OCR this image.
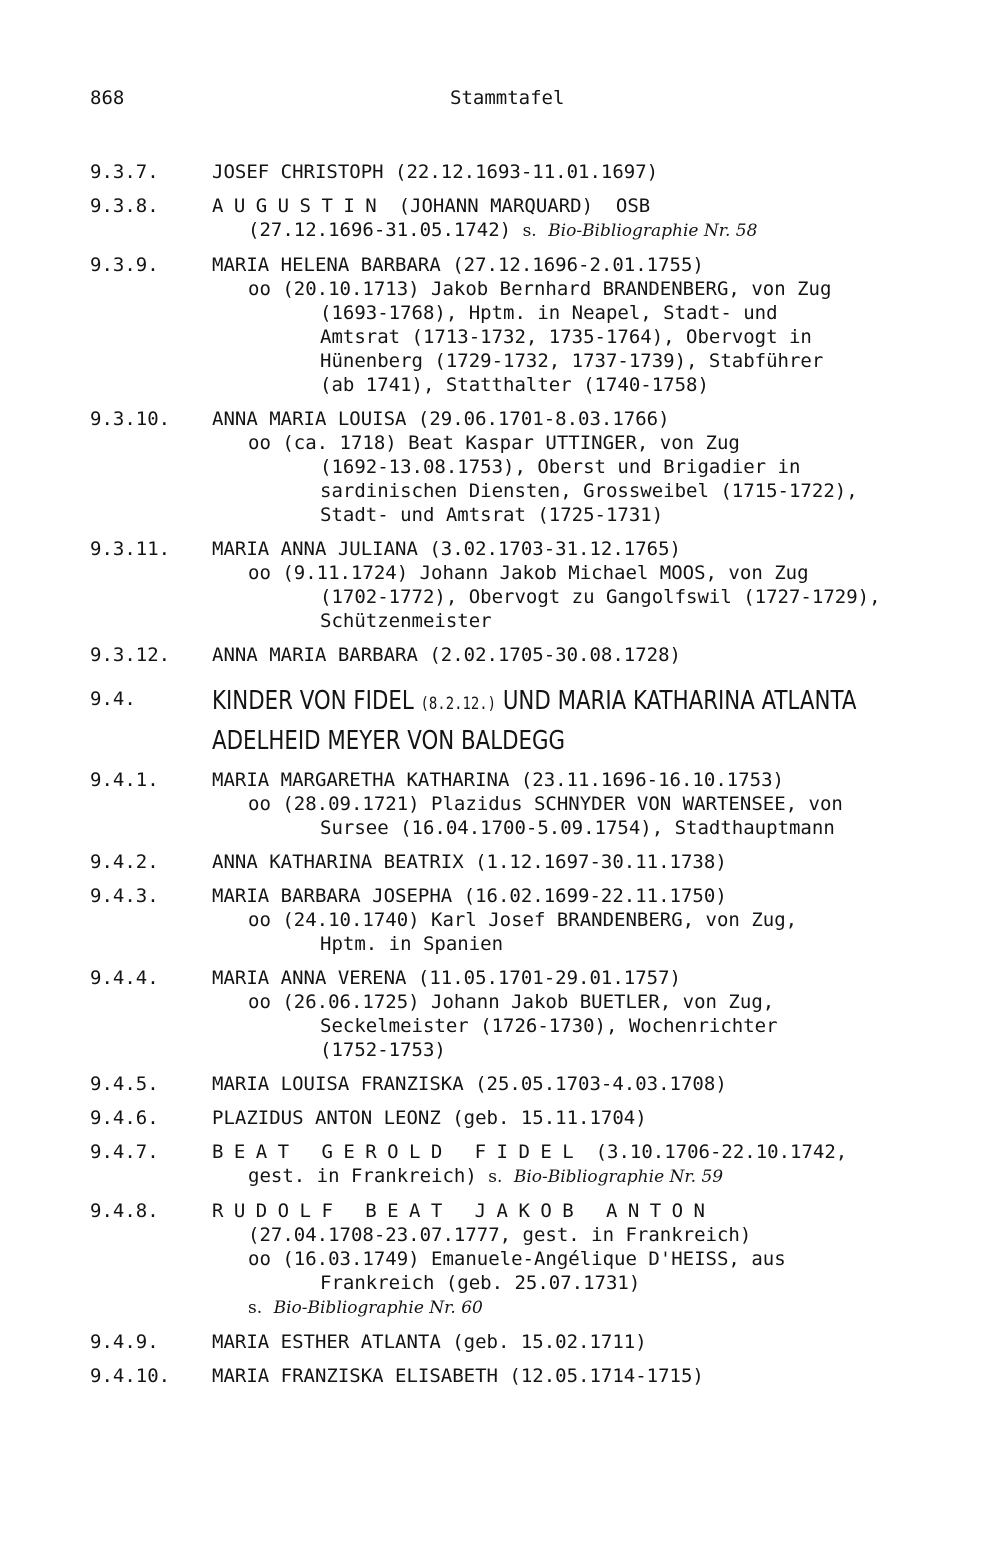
868	Stammtafel
9.3.7.	JOSEF CHRISTOPH (22.12.1693-11.01.1697)
9.3.8.	AUGUSTIN (JOHANN MARQUARD)  OSB
(27.12.1696-31.05.1742) s. Bio-Bibliographie Nr. 58
9.3.9.	MARIA HELENA BARBARA (27.12.1696-2.01.1755)
oo (20.10.1713) Jakob Bernhard BRANDENBERG, von Zug
(1693-1768), Hptm. in Neapel, Stadt- und
Amtsrat (1713-1732, 1735-1764), Obervogt in
Hünenberg (1729-1732, 1737-1739), Stabführer
(ab 1741), Statthalter (1740-1758)
9.3.10. ANNA MARIA LOUISA (29.06.1701-8.03.1766)
oo (ca. 1718) Beat Kaspar UTTINGER, von Zug
(1692-13.08.1753), Oberst und Brigadier in
sardinischen Diensten, Grossweibel (1715-1722),
Stadt- und Amtsrat (1725-1731)
9.3.11. MARIA ANNA JULIANA (3.02.1703-31.12.1765)
oo (9.11.1724) Johann Jakob Michael MOOS, von Zug
(1702-1772), Obervogt zu Gangolfswil (1727-1729),
Schützenmeister
9.3.12. ANNA MARIA BARBARA (2.02.1705-30.08.1728)
9.4.	KINDER VON FIDEL (8.2.12.) UND MARIA KATHARINA ATLANTA
ADELHEID MEYER VON BALDEGG
9.4.1.	MARIA MARGARETHA KATHARINA (23.11.1696-16.10.1753)
oo (28.09.1721) Plazidus SCHNYDER VON WARTENSEE, von
Sursee (16.04.1700-5.09.1754), Stadthauptmann
9.4.2.	ANNA KATHARINA BEATRIX (1.12.1697-30.11.1738)
9.4.3.	MARIA BARBARA JOSEPHA (16.02.1699-22.11.1750)
oo (24.10.1740) Karl Josef BRANDENBERG, von Zug,
Hptm. in Spanien
9.4.4.	MARIA ANNA VERENA (11.05.1701-29.01.1757)
oo (26.06.1725) Johann Jakob BUETLER, von Zug,
Seckelmeister (1726-1730), Wochenrichter
(1752-1753)
9.4.5.	MARIA LOUISA FRANZISKA (25.05.1703-4.03.1708)
9.4.6.	PLAZIDUS ANTON LEONZ (geb. 15.11.1704)
9.4.7.	BEAT GEROLD FIDEL (3.10.1706-22.10.1742,
gest. in Frankreich) s. Bio-Bibliographie Nr. 59
9.4.8.	RUDOLF BEAT JAKOB ANTON
(27.04.1708-23.07.1777, gest. in Frankreich)
oo (16.03.1749) Emanuele-Angélique D'HEISS, aus
Frankreich (geb. 25.07.1731)
s. Bio-Bibliographie Nr. 60
9.4.9.	MARIA ESTHER ATLANTA (geb. 15.02.1711)
9.4.10. MARIA FRANZISKA ELISABETH (12.05.1714-1715)
